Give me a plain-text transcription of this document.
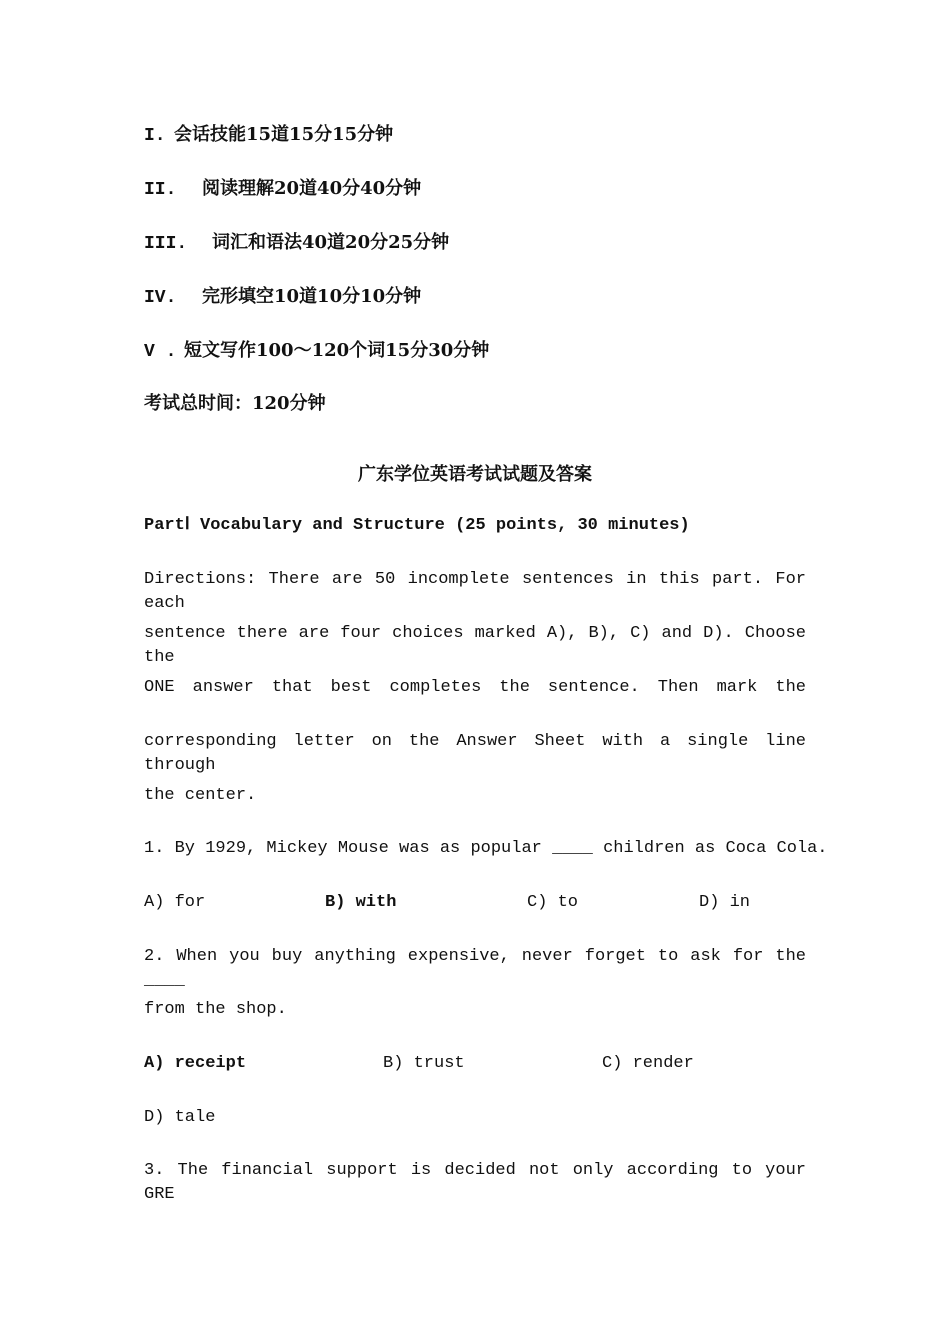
I. 会话技能15道15分15分钟
II. 阅读理解20道40分40分钟
III. 词汇和语法40道20分25分钟
IV. 完形填空10道10分10分钟
V . 短文写作100～120个词15分30分钟
考试总时间：120分钟
广东学位英语考试试题及答案
PartⅠ Vocabulary and Structure (25 points, 30 minutes)
Directions: There are 50 incomplete sentences in this part. For each
sentence there are four choices marked A), B), C) and D). Choose the
ONE answer that best completes the sentence. Then mark the
corresponding letter on the Answer Sheet with a single line through
the center.
1. By 1929, Mickey Mouse was as popular ____ children as Coca Cola.
A) for	B) with	C) to	D) in
2. When you buy anything expensive, never forget to ask for the ____
from the shop.
A) receipt	B) trust	C) render
D) tale
3. The financial support is decided not only according to your GRE
